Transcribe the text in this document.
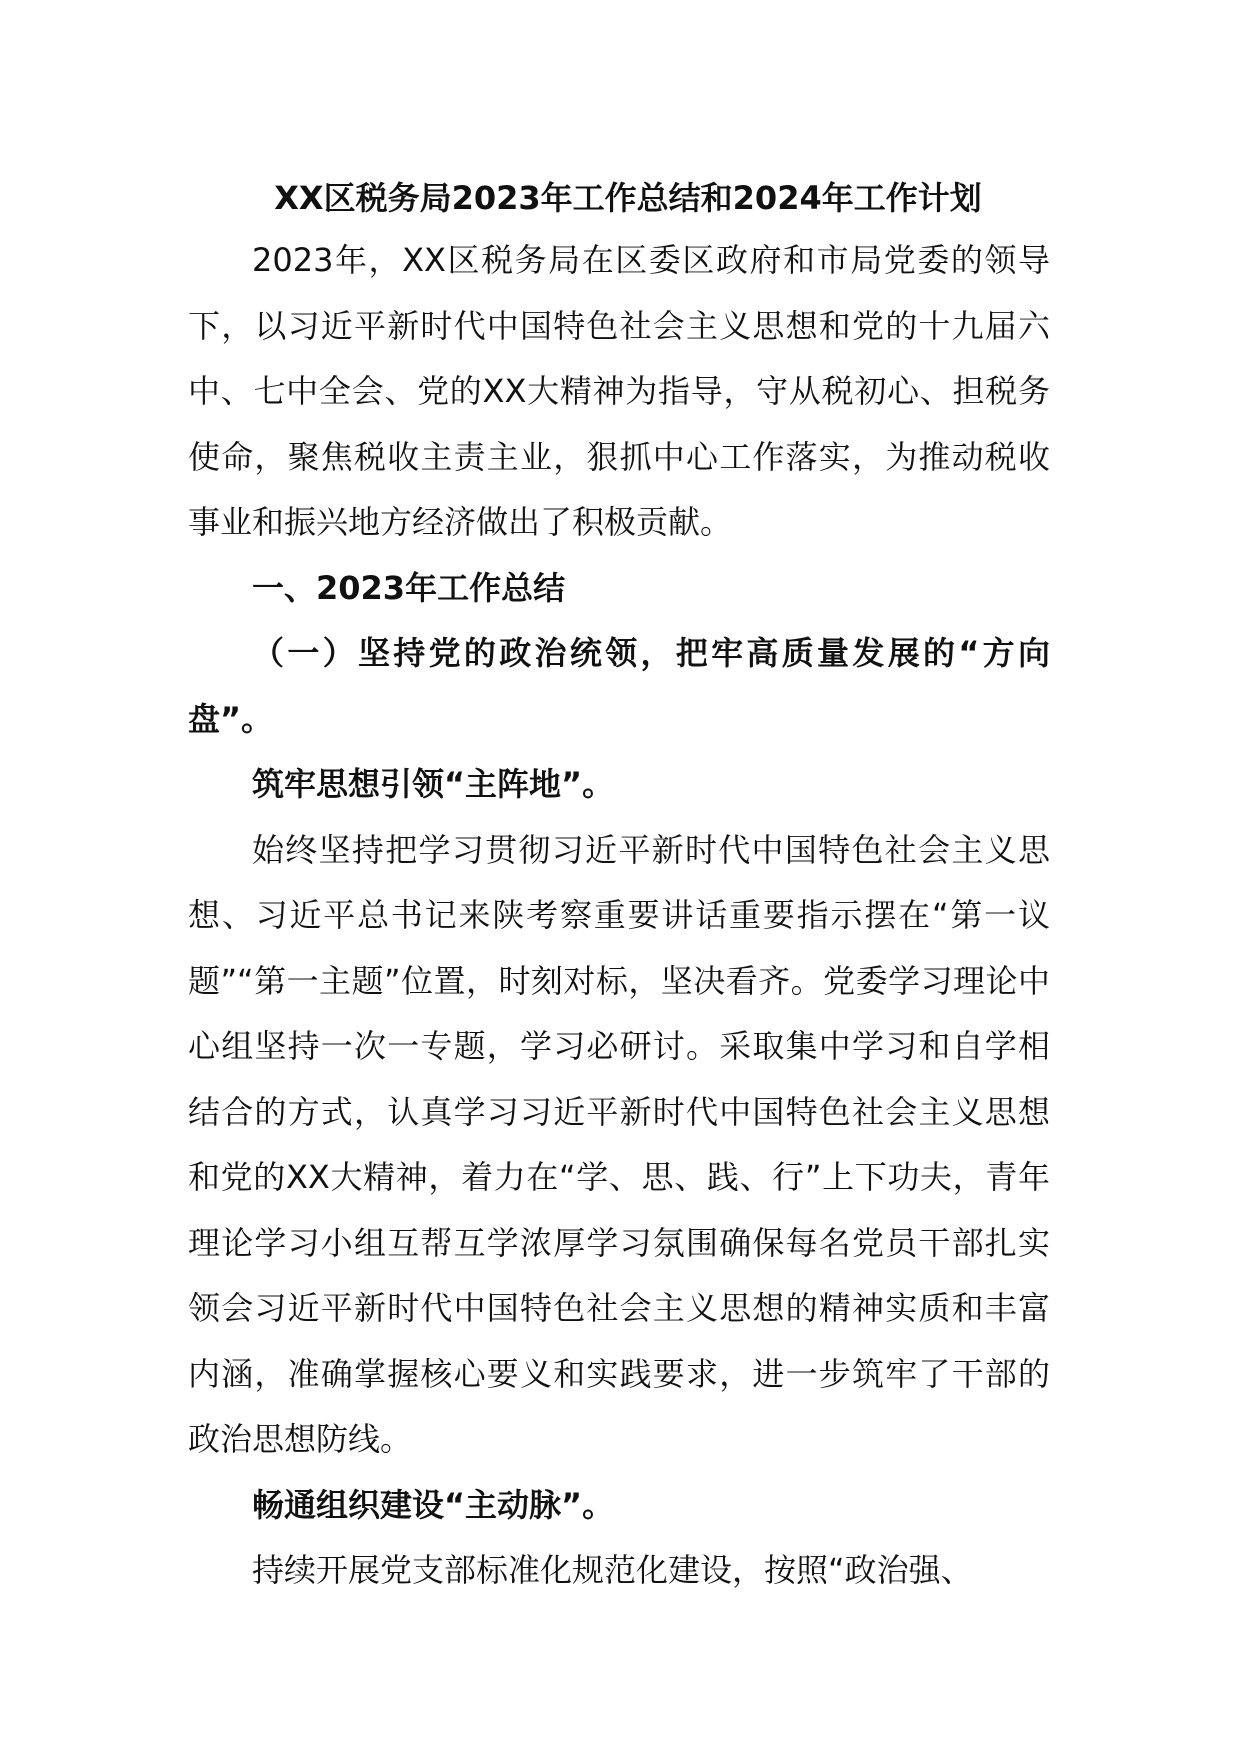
XX区税务局2023年工作总结和2024年工作计划

2023年，XX区税务局在区委区政府和市局党委的领导下，以习近平新时代中国特色社会主义思想和党的十九届六中、七中全会、党的XX大精神为指导，守从税初心、担税务使命，聚焦税收主责主业，狠抓中心工作落实，为推动税收事业和振兴地方经济做出了积极贡献。

一、2023年工作总结

（一）坚持党的政治统领，把牢高质量发展的“方向盘”。

筑牢思想引领“主阵地”。

始终坚持把学习贯彻习近平新时代中国特色社会主义思想、习近平总书记来陕考察重要讲话重要指示摆在“第一议题”“第一主题”位置，时刻对标，坚决看齐。党委学习理论中心组坚持一次一专题，学习必研讨。采取集中学习和自学相结合的方式，认真学习习近平新时代中国特色社会主义思想和党的XX大精神，着力在“学、思、践、行”上下功夫，青年理论学习小组互帮互学浓厚学习氛围确保每名党员干部扎实领会习近平新时代中国特色社会主义思想的精神实质和丰富内涵，准确掌握核心要义和实践要求，进一步筑牢了干部的政治思想防线。

畅通组织建设“主动脉”。

持续开展党支部标准化规范化建设，按照“政治强、
